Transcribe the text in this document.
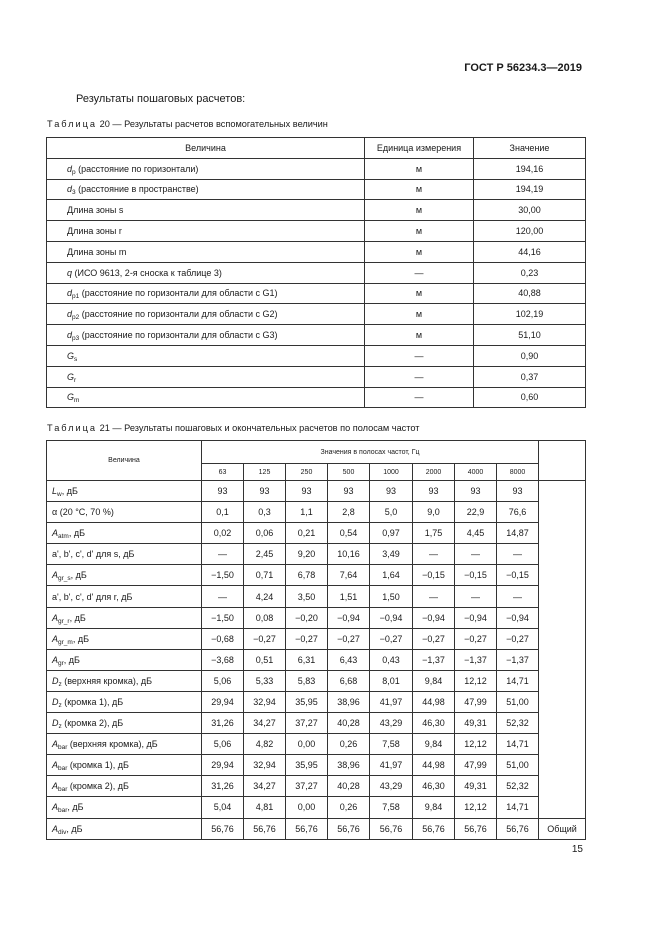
ГОСТ Р 56234.3—2019
Результаты пошаговых расчетов:
Таблица 20 — Результаты расчетов вспомогательных величин
Величина	Единица измерения	Значение
$d_p$ (расстояние по горизонтали)	м	194,16
$d_3$ (расстояние в пространстве)	м	194,19
Длина зоны s	м	30,00
Длина зоны r	м	120,00
Длина зоны m	м	44,16
q (ИСО 9613, 2-я сноска к таблице 3)	—	0,23
$d_{p1}$ (расстояние по горизонтали для области с G1)	м	40,88
$d_{p2}$ (расстояние по горизонтали для области с G2)	м	102,19
$d_{p3}$ (расстояние по горизонтали для области с G3)	м	51,10
$G_s$	—	0,90
$G_r$	—	0,37
$G_m$	—	0,60
Таблица 21 — Результаты пошаговых и окончательных расчетов по полосам частот
Величина	Значения в полосах частот, Гц								
	63	125	250	500	1000	2000	4000	8000	
$L_w$, дБ	93	93	93	93	93	93	93	93	
α (20 °С, 70 %)	0,1	0,3	1,1	2,8	5,0	9,0	22,9	76,6	
$A_{atm}$, дБ	0,02	0,06	0,21	0,54	0,97	1,75	4,45	14,87	
a', b', c', d' для s, дБ	—	2,45	9,20	10,16	3,49	—	—	—	
$A_{gr\_s}$, дБ	−1,50	0,71	6,78	7,64	1,64	−0,15	−0,15	−0,15	
a', b', c', d' для r, дБ	—	4,24	3,50	1,51	1,50	—	—	—	
$A_{gr\_r}$, дБ	−1,50	0,08	−0,20	−0,94	−0,94	−0,94	−0,94	−0,94	
$A_{gr\_m}$, дБ	−0,68	−0,27	−0,27	−0,27	−0,27	−0,27	−0,27	−0,27	
$A_{gr}$, дБ	−3,68	0,51	6,31	6,43	0,43	−1,37	−1,37	−1,37	
$D_z$ (верхняя кромка), дБ	5,06	5,33	5,83	6,68	8,01	9,84	12,12	14,71	
$D_z$ (кромка 1), дБ	29,94	32,94	35,95	38,96	41,97	44,98	47,99	51,00	
$D_z$ (кромка 2), дБ	31,26	34,27	37,27	40,28	43,29	46,30	49,31	52,32	
$A_{bar}$ (верхняя кромка), дБ	5,06	4,82	0,00	0,26	7,58	9,84	12,12	14,71	
$A_{bar}$ (кромка 1), дБ	29,94	32,94	35,95	38,96	41,97	44,98	47,99	51,00	
$A_{bar}$ (кромка 2), дБ	31,26	34,27	37,27	40,28	43,29	46,30	49,31	52,32	
$A_{bar}$, дБ	5,04	4,81	0,00	0,26	7,58	9,84	12,12	14,71	
$A_{div}$, дБ	56,76	56,76	56,76	56,76	56,76	56,76	56,76	56,76	Общий
15
